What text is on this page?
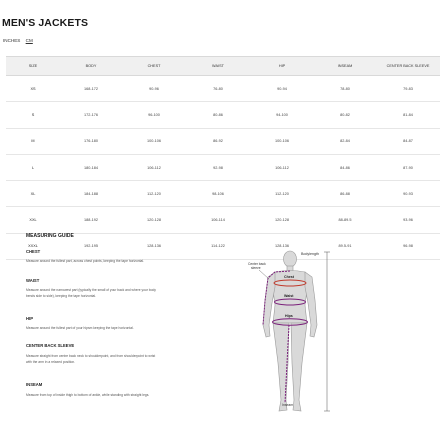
MEN'S JACKETS
INCHES CM
SIZE	BODY	CHEST	WAIST	HIP	INSEAM	CENTER BACK SLEEVE
XS	168-172	90-96	76-80	90-94	78-80	79-83
S	172-176	96-100	80-86	94-100	80-82	81-84
M	176-180	100-106	86-92	100-106	82-84	84-87
L	180-184	106-112	92-98	106-112	84-86	87-90
XL	184-188	112-120	98-106	112-120	86-88	90-93
XXL	188-192	120-128	106-114	120-128	88-89.5	93-96
XXXL	192-195	128-136	114-122	128-136	89.5-91	96-98
MEASURING GUIDE
CHEST
Measure around the fullest part, across chest points, keeping the tape horizontal.
WAIST
Measure around the narrowest part (typically the small of your back and where your body
bends side to side), keeping the tape horizontal.
HIP
Measure around the fullest part of your hipsm keeping the tape horizontal.
CENTER BACK SLEEVE
Measure straight from centre back neck to shoulderpoint, and from shoulderpoint to wrist
with the arm in a relaxed position.
INSEAM
Measure from top of inside thigh to bottom of ankle, while standing with straight legs.
Bodylength
Center back
sleeve
Chest
Waist
Hips
Inseam
